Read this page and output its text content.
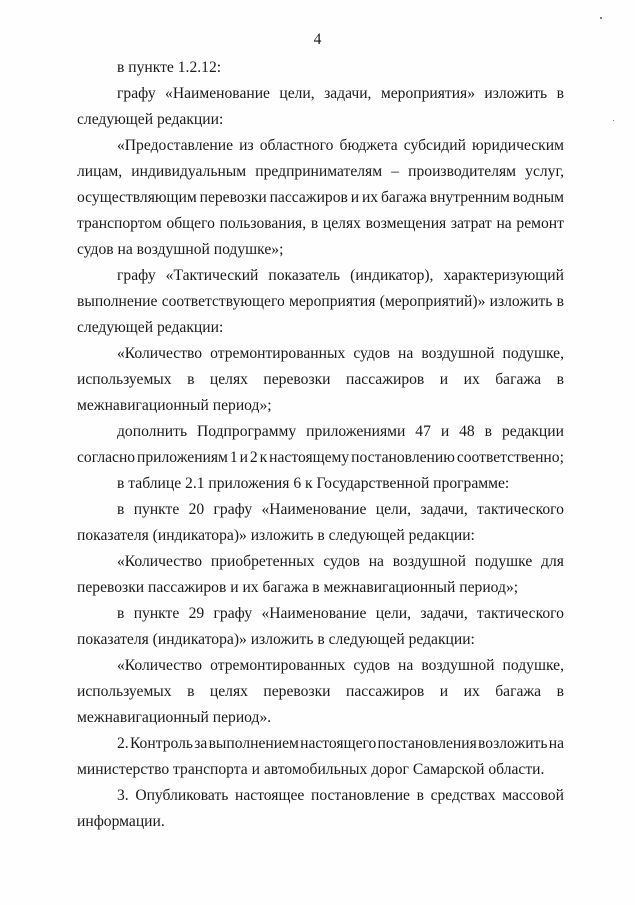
4
в пункте 1.2.12:
графу «Наименование цели, задачи, мероприятия» изложить в
следующей редакции:
«Предоставление из областного бюджета субсидий юридическим
лицам, индивидуальным предпринимателям – производителям услуг,
осуществляющим перевозки пассажиров и их багажа внутренним водным
транспортом общего пользования, в целях возмещения затрат на ремонт
судов на воздушной подушке»;
графу «Тактический показатель (индикатор), характеризующий
выполнение соответствующего мероприятия (мероприятий)» изложить в
следующей редакции:
«Количество отремонтированных судов на воздушной подушке,
используемых в целях перевозки пассажиров и их багажа в
межнавигационный период»;
дополнить Подпрограмму приложениями 47 и 48 в редакции
согласно приложениям 1 и 2 к настоящему постановлению соответственно;
в таблице 2.1 приложения 6 к Государственной программе:
в пункте 20 графу «Наименование цели, задачи, тактического
показателя (индикатора)» изложить в следующей редакции:
«Количество приобретенных судов на воздушной подушке для
перевозки пассажиров и их багажа в межнавигационный период»;
в пункте 29 графу «Наименование цели, задачи, тактического
показателя (индикатора)» изложить в следующей редакции:
«Количество отремонтированных судов на воздушной подушке,
используемых в целях перевозки пассажиров и их багажа в
межнавигационный период».
2. Контроль за выполнением настоящего постановления возложить на
министерство транспорта и автомобильных дорог Самарской области.
3. Опубликовать настоящее постановление в средствах массовой
информации.
